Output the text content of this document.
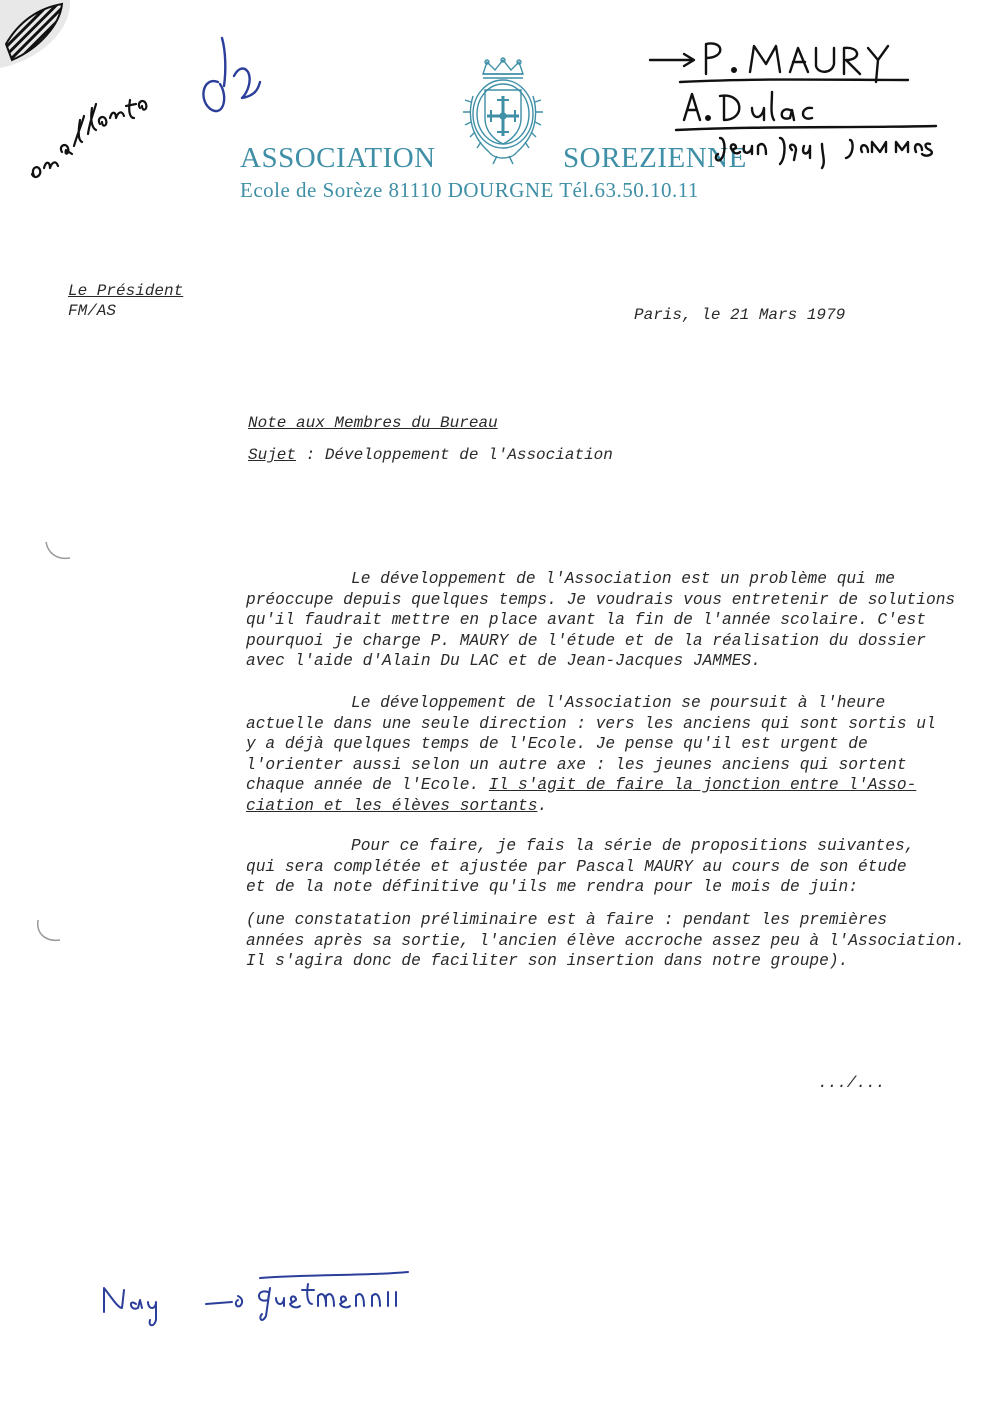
ASSOCIATION	SOREZIENNE
Ecole de Sorèze 81110 DOURGNE Tél.63.50.10.11
Le Président
FM/AS	Paris, le 21 Mars 1979
Note aux Membres du Bureau
Sujet : Développement de l'Association
Le développement de l'Association est un problème qui me
préoccupe depuis quelques temps. Je voudrais vous entretenir de solutions
qu'il faudrait mettre en place avant la fin de l'année scolaire. C'est
pourquoi je charge P. MAURY de l'étude et de la réalisation du dossier
avec l'aide d'Alain Du LAC et de Jean-Jacques JAMMES.
Le développement de l'Association se poursuit à l'heure
actuelle dans une seule direction : vers les anciens qui sont sortis ul
y a déjà quelques temps de l'Ecole. Je pense qu'il est urgent de
l'orienter aussi selon un autre axe : les jeunes anciens qui sortent
chaque année de l'Ecole. Il s'agit de faire la jonction entre l'Asso-
ciation et les élèves sortants.
Pour ce faire, je fais la série de propositions suivantes,
qui sera complétée et ajustée par Pascal MAURY au cours de son étude
et de la note définitive qu'ils me rendra pour le mois de juin:
(une constatation préliminaire est à faire : pendant les premières
années après sa sortie, l'ancien élève accroche assez peu à l'Association.
Il s'agira donc de faciliter son insertion dans notre groupe).
.../...
